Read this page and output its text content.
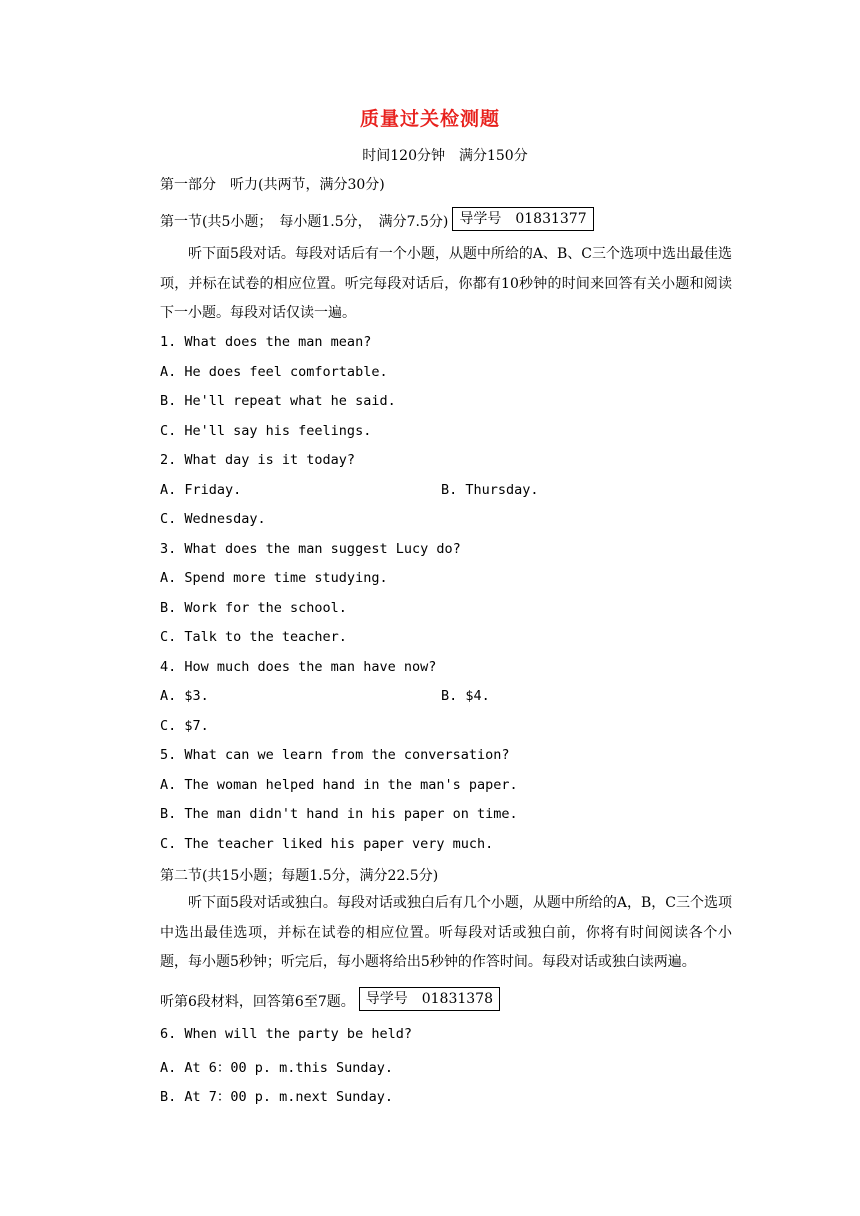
质量过关检测题
时间120分钟　满分150分
第一部分　听力(共两节，满分30分)
第一节(共5小题；　每小题1.5分，　满分7.5分) 导学号　01831377
听下面5段对话。每段对话后有一个小题，从题中所给的A、B、C三个选项中选出最佳选项，并标在试卷的相应位置。听完每段对话后，你都有10秒钟的时间来回答有关小题和阅读下一小题。每段对话仅读一遍。
1. What does the man mean?
A. He does feel comfortable.
B. He'll repeat what he said.
C. He'll say his feelings.
2. What day is it today?
A. Friday.	B. Thursday.
C. Wednesday.
3. What does the man suggest Lucy do?
A. Spend more time studying.
B. Work for the school.
C. Talk to the teacher.
4. How much does the man have now?
A. $3.	B. $4.
C. $7.
5. What can we learn from the conversation?
A. The woman helped hand in the man's paper.
B. The man didn't hand in his paper on time.
C. The teacher liked his paper very much.
第二节(共15小题；每题1.5分，满分22.5分)
听下面5段对话或独白。每段对话或独白后有几个小题，从题中所给的A，B，C三个选项中选出最佳选项，并标在试卷的相应位置。听每段对话或独白前，你将有时间阅读各个小题，每小题5秒钟；听完后，每小题将给出5秒钟的作答时间。每段对话或独白读两遍。
听第6段材料，回答第6至7题。 导学号　01831378
6. When will the party be held?
A. At 6：00 p. m.this Sunday.
B. At 7：00 p. m.next Sunday.
